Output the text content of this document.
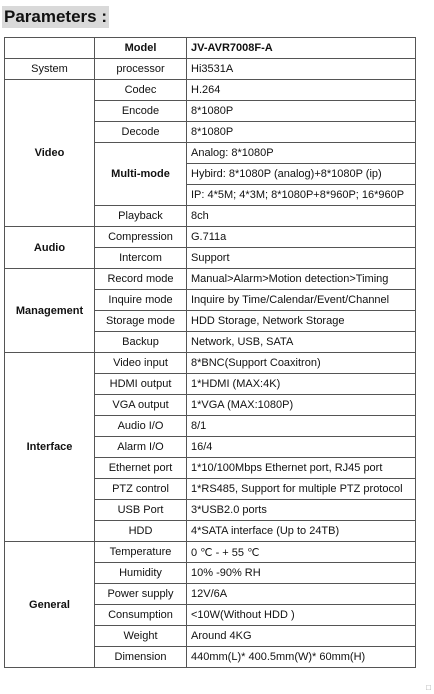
Parameters :
	Model	JV-AVR7008F-A
System	processor	Hi3531A
Video	Codec	H.264
	Encode	8*1080P
	Decode	8*1080P
	Multi-mode	Analog: 8*1080P
		Hybird: 8*1080P (analog)+8*1080P (ip)
		IP: 4*5M; 4*3M; 8*1080P+8*960P; 16*960P
	Playback	8ch
Audio	Compression	G.711a
	Intercom	Support
Management	Record mode	Manual>Alarm>Motion detection>Timing
	Inquire mode	Inquire by Time/Calendar/Event/Channel
	Storage mode	HDD Storage, Network Storage
	Backup	Network, USB, SATA
Interface	Video input	8*BNC(Support Coaxitron)
	HDMI output	1*HDMI (MAX:4K)
	VGA output	1*VGA (MAX:1080P)
	Audio I/O	8/1
	Alarm I/O	16/4
	Ethernet port	1*10/100Mbps Ethernet port, RJ45 port
	PTZ control	1*RS485, Support for multiple PTZ protocol
	USB Port	3*USB2.0 ports
	HDD	4*SATA interface (Up to 24TB)
General	Temperature	0 ℃ - + 55 ℃
	Humidity	10% -90% RH
	Power supply	12V/6A
	Consumption	<10W(Without HDD )
	Weight	Around 4KG
	Dimension	440mm(L)* 400.5mm(W)* 60mm(H)
□
